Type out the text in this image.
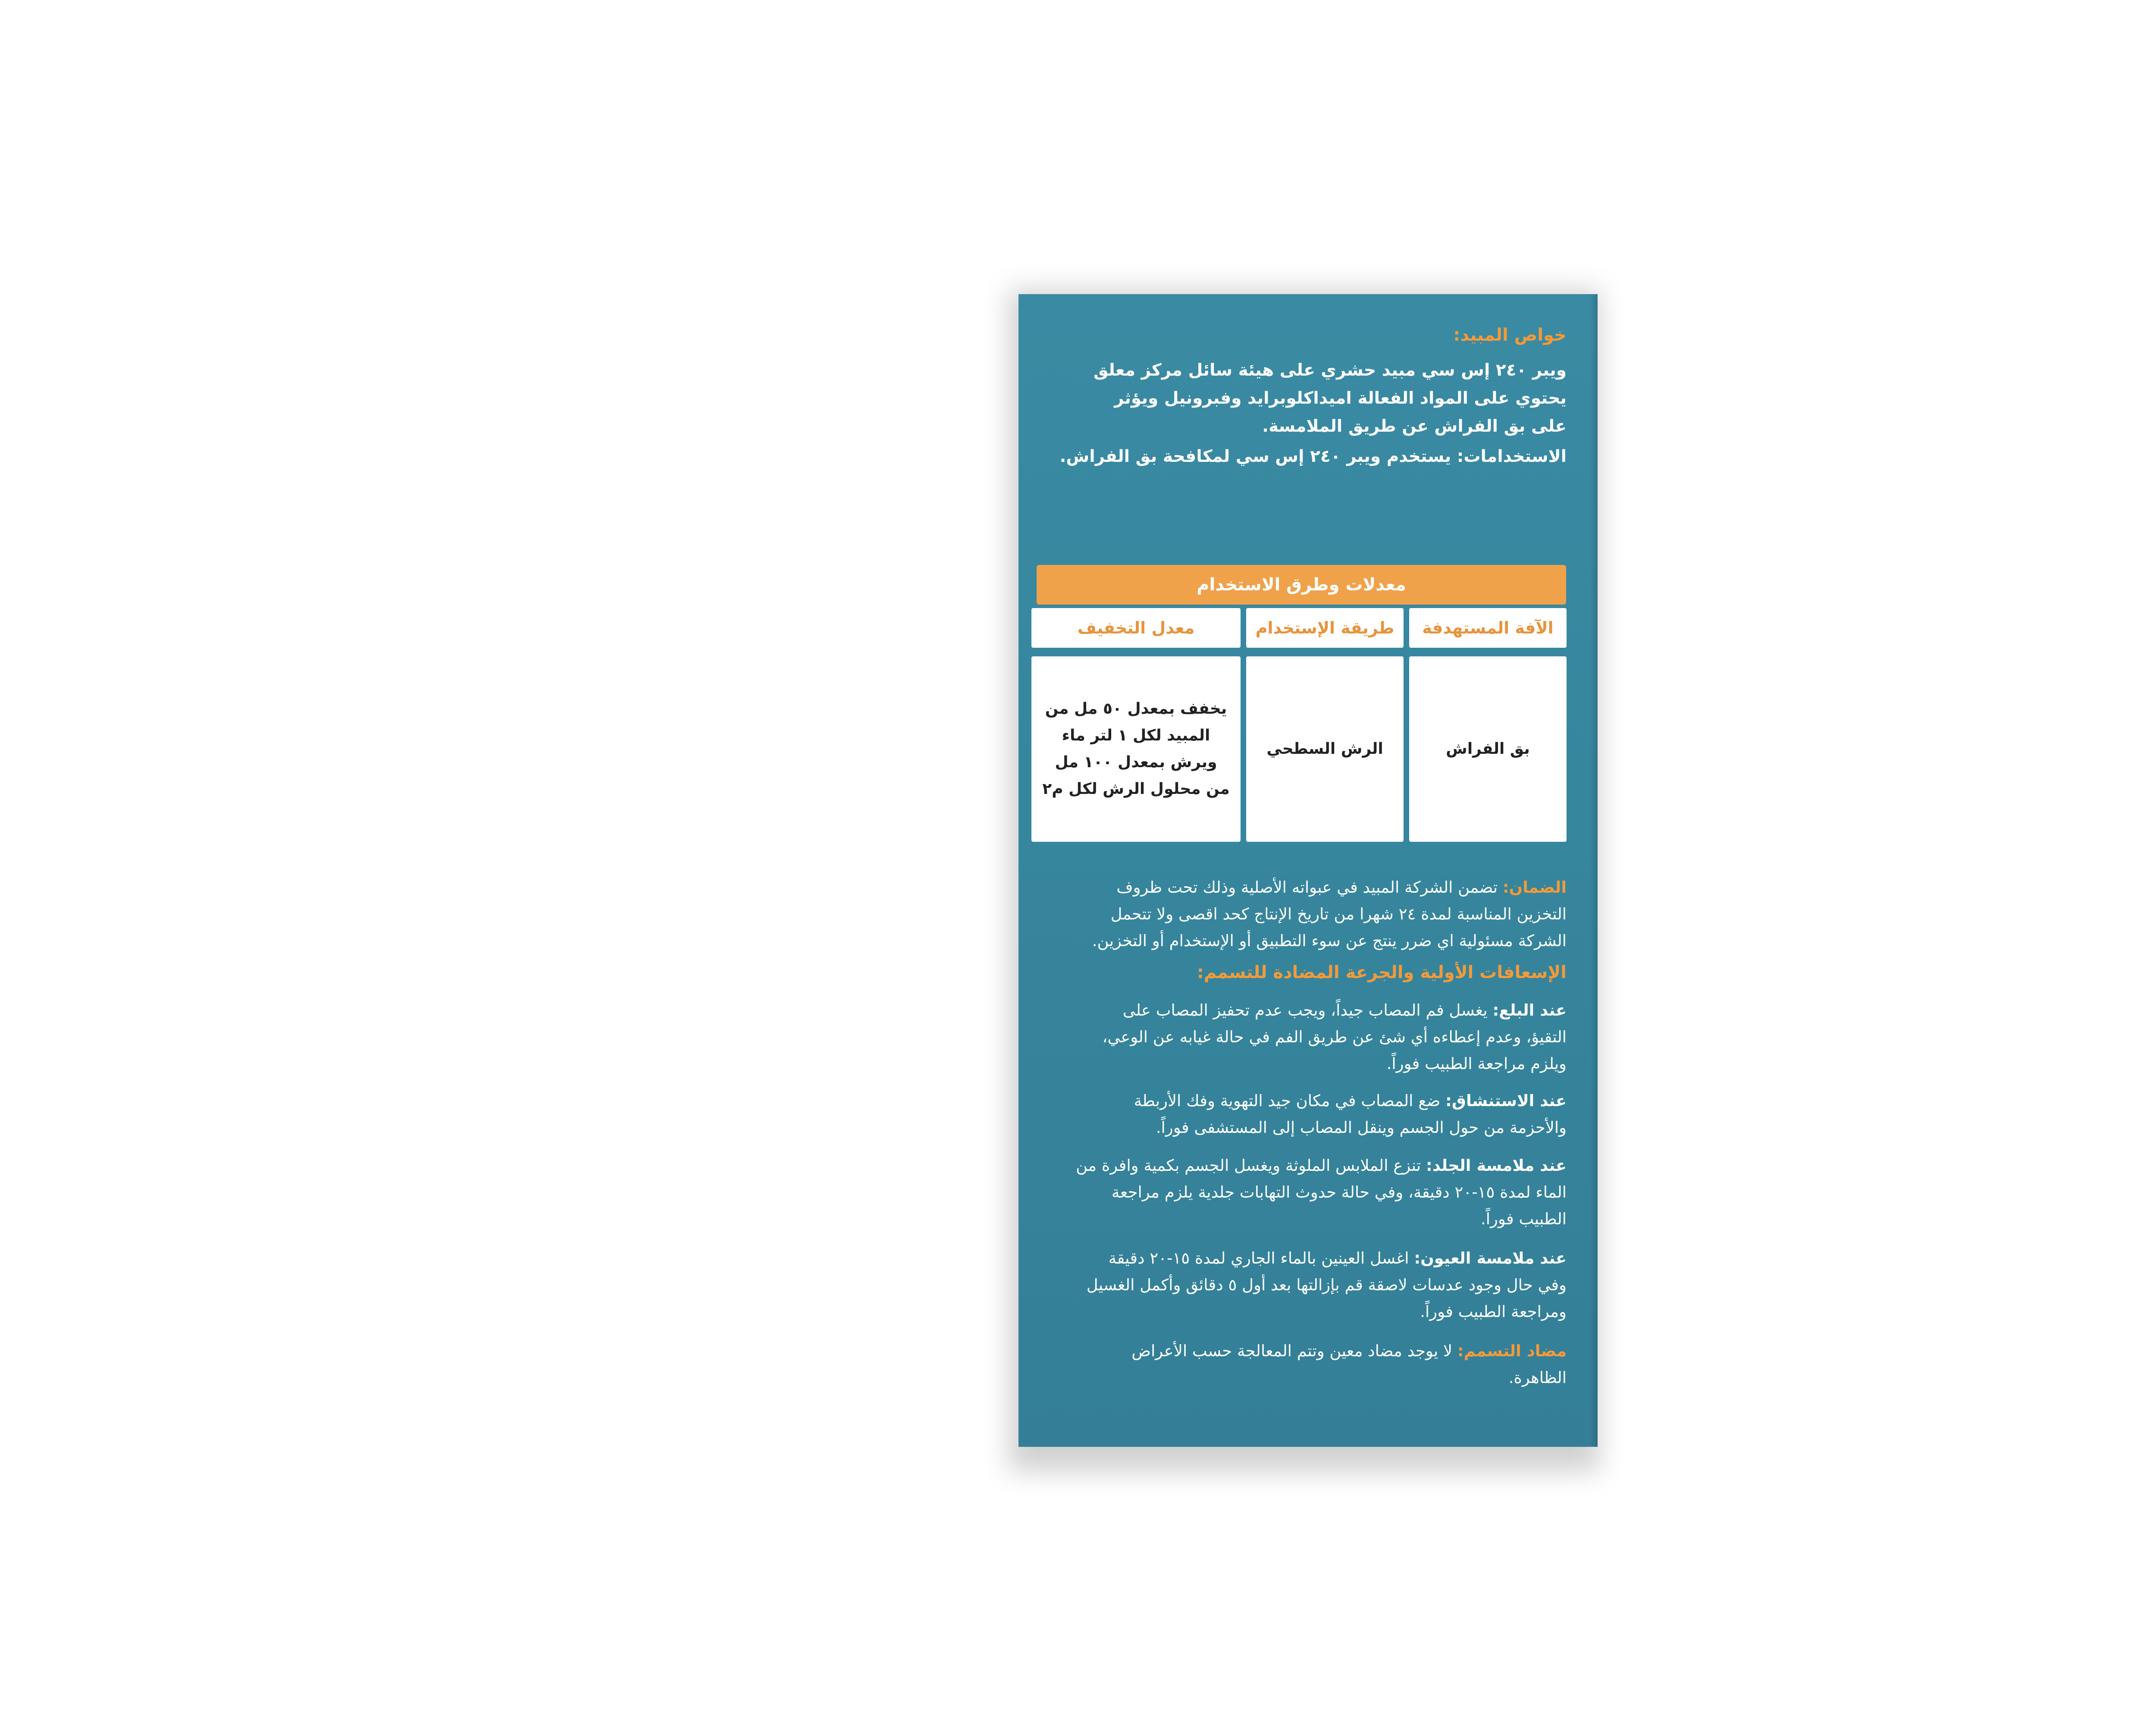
خواص المبيد:
ويبر ٢٤٠ إس سي مبيد حشري على هيئة سائل مركز معلق
يحتوي على المواد الفعالة اميداكلوبرايد وفبرونيل ويؤثر
على بق الفراش عن طريق الملامسة.
الاستخدامات: يستخدم ويبر ٢٤٠ إس سي لمكافحة بق الفراش.
معدلات وطرق الاستخدام
الآفة المستهدفة
طريقة الإستخدام
معدل التخفيف
بق الفراش
الرش السطحي
يخفف بمعدل ٥٠ مل من
المبيد لكل ١ لتر ماء
ويرش بمعدل ١٠٠ مل
من محلول الرش لكل م٢
الضمان: تضمن الشركة المبيد في عبواته الأصلية وذلك تحت ظروف
التخزين المناسبة لمدة ٢٤ شهرا من تاريخ الإنتاج كحد اقصى ولا تتحمل
الشركة مسئولية اي ضرر ينتج عن سوء التطبيق أو الإستخدام أو التخزين.
الإسعافات الأولية والجرعة المضادة للتسمم:
عند البلع: يغسل فم المصاب جيداً، ويجب عدم تحفيز المصاب على
التقيؤ، وعدم إعطاءه أي شئ عن طريق الفم في حالة غيابه عن الوعي،
ويلزم مراجعة الطبيب فوراً.
عند الاستنشاق: ضع المصاب في مكان جيد التهوية وفك الأربطة
والأحزمة من حول الجسم وينقل المصاب إلى المستشفى فوراً.
عند ملامسة الجلد: تنزع الملابس الملوثة ويغسل الجسم بكمية وافرة من
الماء لمدة ١٥-٢٠ دقيقة، وفي حالة حدوث التهابات جلدية يلزم مراجعة
الطبيب فوراً.
عند ملامسة العيون: اغسل العينين بالماء الجاري لمدة ١٥-٢٠ دقيقة
وفي حال وجود عدسات لاصقة قم بإزالتها بعد أول ٥ دقائق وأكمل الغسيل
ومراجعة الطبيب فوراً.
مضاد التسمم: لا يوجد مضاد معين وتتم المعالجة حسب الأعراض
الظاهرة.
